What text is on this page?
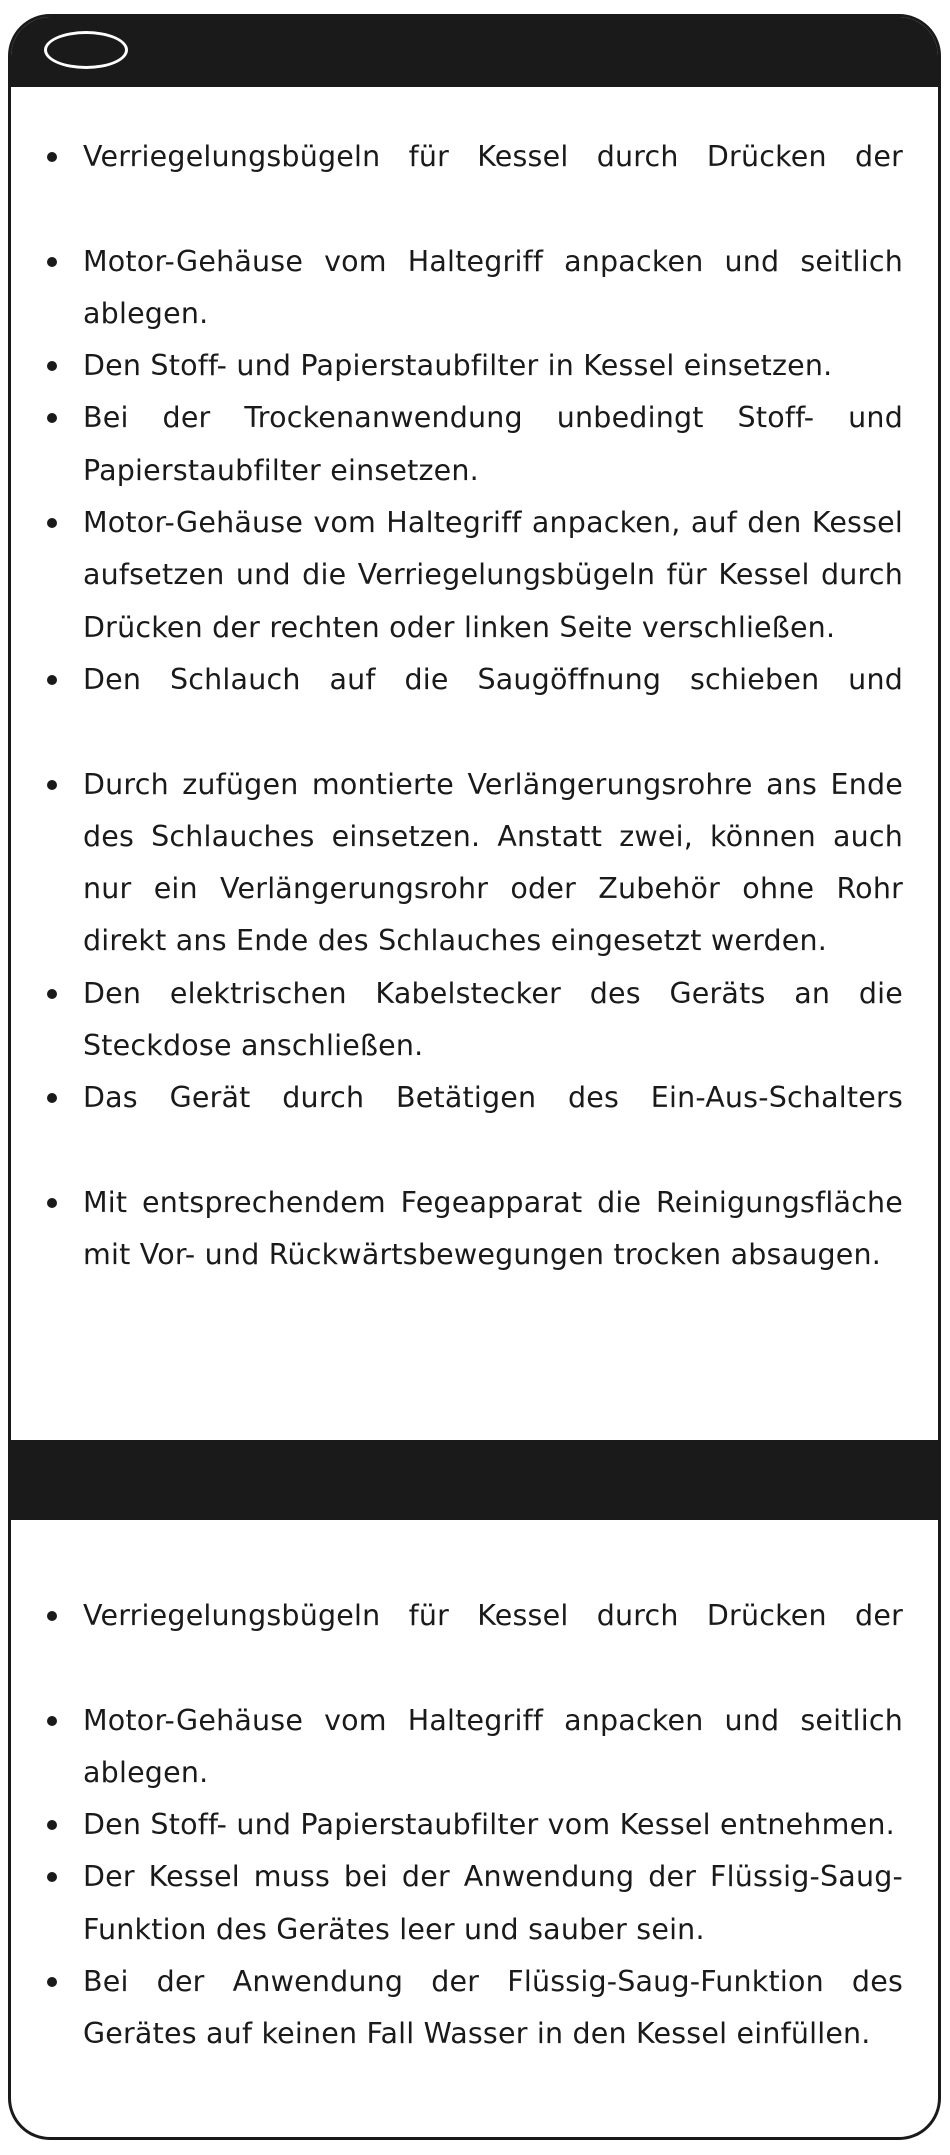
Verriegelungsbügeln für Kessel durch Drücken der
Motor-Gehäuse vom Haltegriff anpacken und seitlich ablegen.
Den Stoff- und Papierstaubfilter in Kessel einsetzen.
Bei der Trockenanwendung unbedingt Stoff- und Papierstaubfilter einsetzen.
Motor-Gehäuse vom Haltegriff anpacken, auf den Kessel aufsetzen und die Verriegelungsbügeln für Kessel durch Drücken der rechten oder linken Seite verschließen.
Den Schlauch auf die Saugöffnung schieben und
Durch zufügen montierte Verlängerungsrohre ans Ende des Schlauches einsetzen. Anstatt zwei, können auch nur ein Verlängerungsrohr oder Zubehör ohne Rohr direkt ans Ende des Schlauches eingesetzt werden.
Den elektrischen Kabelstecker des Geräts an die Steckdose anschließen.
Das Gerät durch Betätigen des Ein-Aus-Schalters
Mit entsprechendem Fegeapparat die Reinigungsfläche mit Vor- und Rückwärtsbewegungen trocken absaugen.
Verriegelungsbügeln für Kessel durch Drücken der
Motor-Gehäuse vom Haltegriff anpacken und seitlich ablegen.
Den Stoff- und Papierstaubfilter vom Kessel entnehmen.
Der Kessel muss bei der Anwendung der Flüssig-Saug-Funktion des Gerätes leer und sauber sein.
Bei der Anwendung der Flüssig-Saug-Funktion des Gerätes auf keinen Fall Wasser in den Kessel einfüllen.
